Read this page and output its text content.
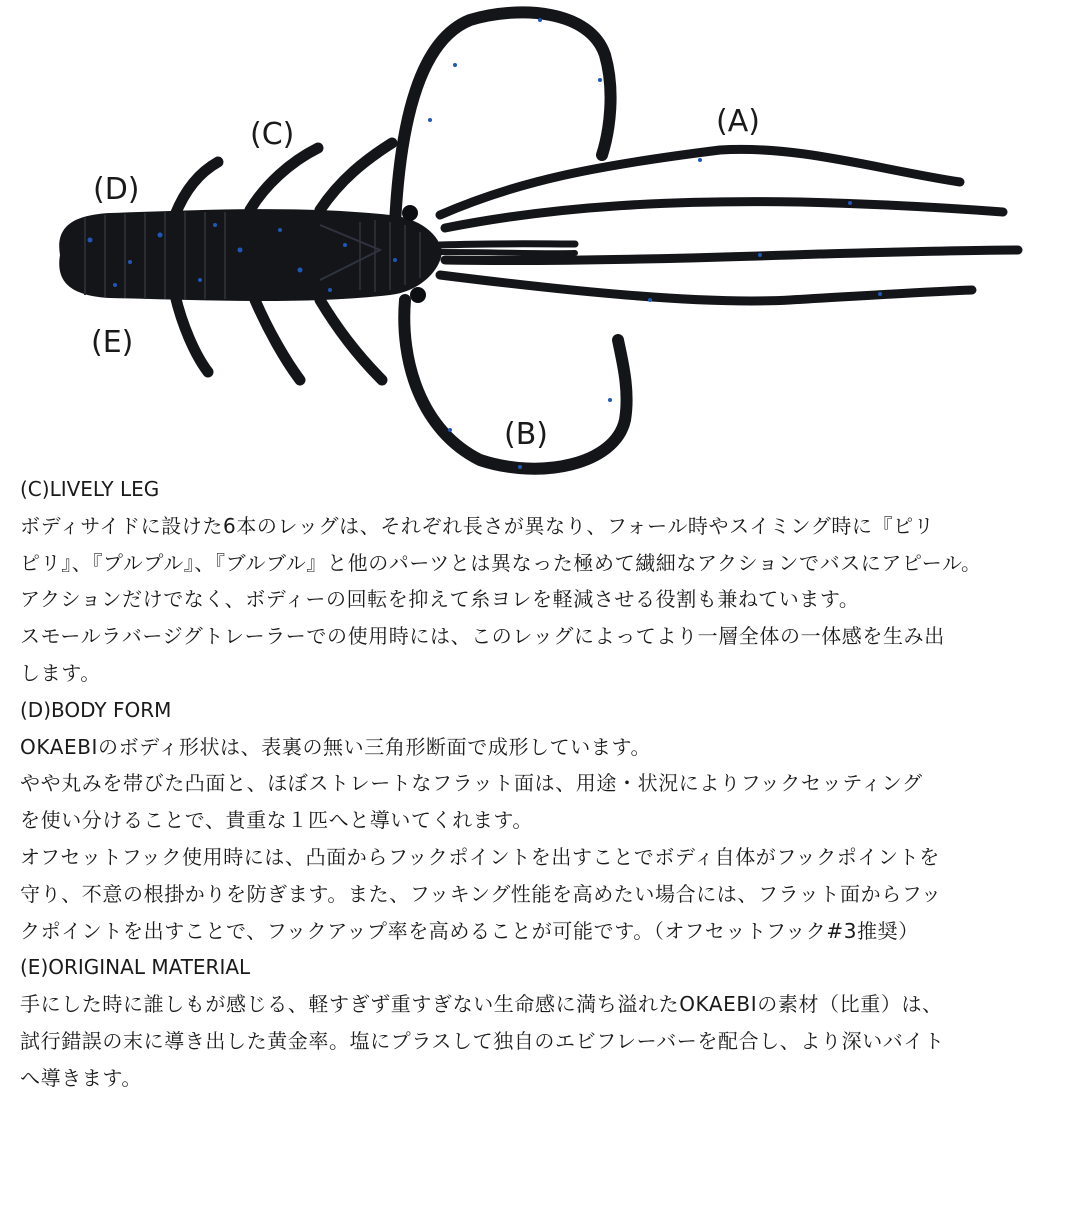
(A)
(B)
(C)
(D)
(E)
(C)LIVELY LEG
ボディサイドに設けた6本のレッグは、それぞれ長さが異なり、フォール時やスイミング時に『ピリ
ピリ』、『プルプル』、『ブルブル』と他のパーツとは異なった極めて繊細なアクションでバスにアピール。
アクションだけでなく、ボディーの回転を抑えて糸ヨレを軽減させる役割も兼ねています。
スモールラバージグトレーラーでの使用時には、このレッグによってより一層全体の一体感を生み出
します。
(D)BODY FORM
OKAEBIのボディ形状は、表裏の無い三角形断面で成形しています。
やや丸みを帯びた凸面と、ほぼストレートなフラット面は、用途・状況によりフックセッティング
を使い分けることで、貴重な１匹へと導いてくれます。
オフセットフック使用時には、凸面からフックポイントを出すことでボディ自体がフックポイントを
守り、不意の根掛かりを防ぎます。また、フッキング性能を高めたい場合には、フラット面からフッ
クポイントを出すことで、フックアップ率を高めることが可能です。（オフセットフック#3推奨）
(E)ORIGINAL MATERIAL
手にした時に誰しもが感じる、軽すぎず重すぎない生命感に満ち溢れたOKAEBIの素材（比重）は、
試行錯誤の末に導き出した黄金率。塩にプラスして独自のエビフレーバーを配合し、より深いバイト
へ導きます。
